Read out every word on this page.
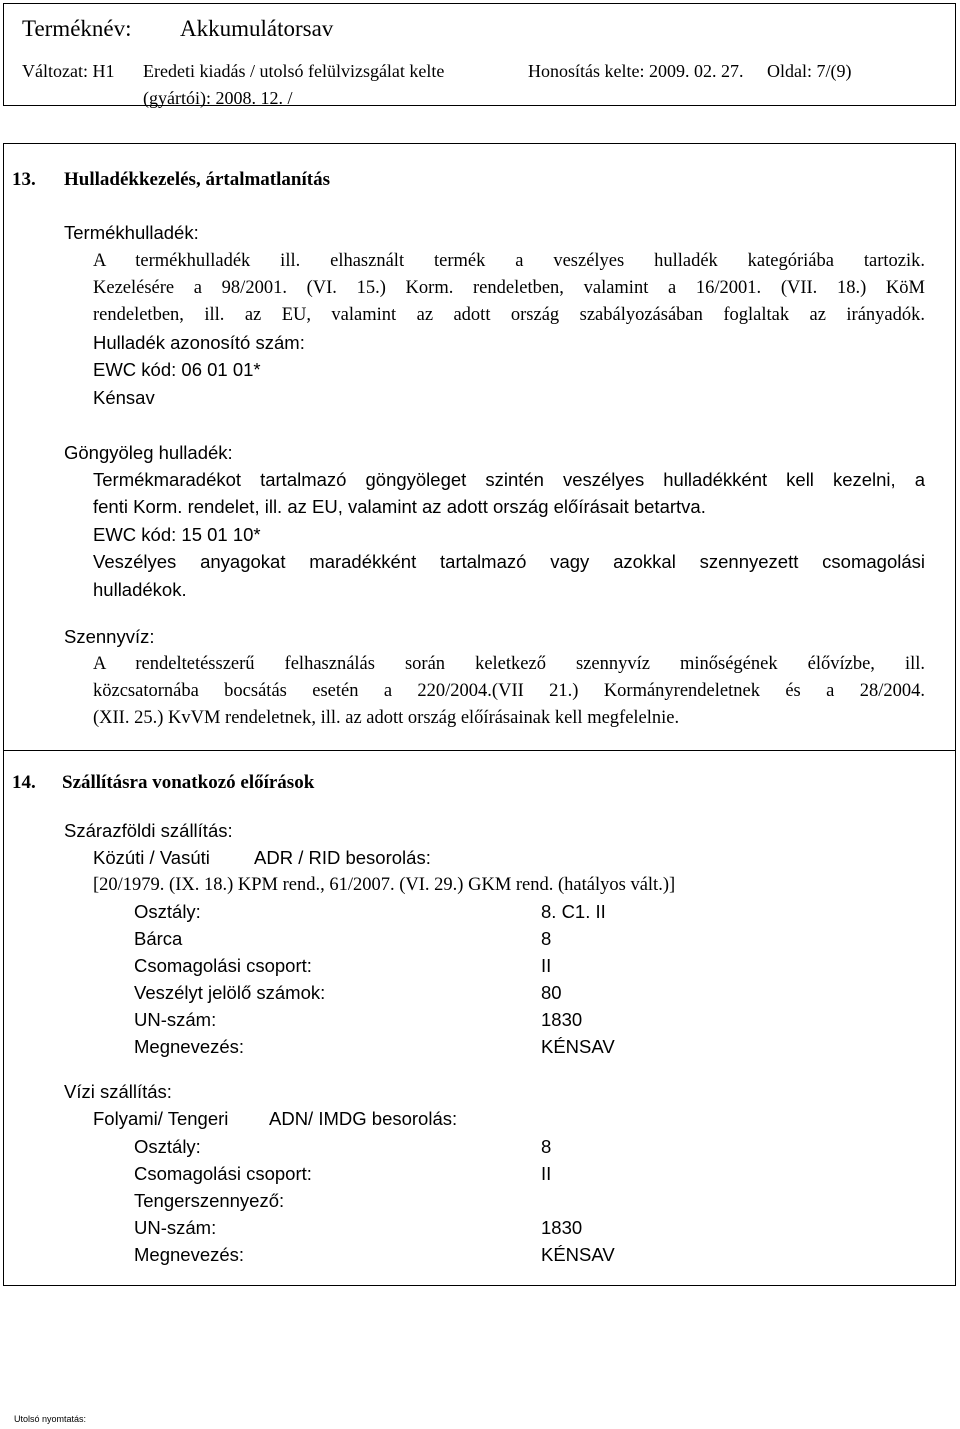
Terméknév: Akkumulátorsav
Változat: H1 Eredeti kiadás / utolsó felülvizsgálat kelte
(gyártói): 2008. 12. /
Honosítás kelte: 2009. 02. 27. Oldal: 7/(9)
13. Hulladékkezelés, ártalmatlanítás
Termékhulladék:
A termékhulladék ill. elhasznált termék a veszélyes hulladék kategóriába tartozik.
Kezelésére a 98/2001. (VI. 15.) Korm. rendeletben, valamint a 16/2001. (VII. 18.) KöM
rendeletben, ill. az EU, valamint az adott ország szabályozásában foglaltak az irányadók.
Hulladék azonosító szám:
EWC kód: 06 01 01*
Kénsav
Göngyöleg hulladék:
Termékmaradékot tartalmazó göngyöleget szintén veszélyes hulladékként kell kezelni, a
fenti Korm. rendelet, ill. az EU, valamint az adott ország előírásait betartva.
EWC kód: 15 01 10*
Veszélyes anyagokat maradékként tartalmazó vagy azokkal szennyezett csomagolási
hulladékok.
Szennyvíz:
A rendeltetésszerű felhasználás során keletkező szennyvíz minőségének élővízbe, ill.
közcsatornába bocsátás esetén a 220/2004.(VII 21.) Kormányrendeletnek és a 28/2004.
(XII. 25.) KvVM rendeletnek, ill. az adott ország előírásainak kell megfelelnie.
14. Szállításra vonatkozó előírások
Szárazföldi szállítás:
Közúti / Vasúti ADR / RID besorolás:
[20/1979. (IX. 18.) KPM rend., 61/2007. (VI. 29.) GKM rend. (hatályos vált.)]
Osztály:	8. C1. II
Bárca	8
Csomagolási csoport:	II
Veszélyt jelölő számok:	80
UN-szám:	1830
Megnevezés:	KÉNSAV
Vízi szállítás:
Folyami/ Tengeri ADN/ IMDG besorolás:
Osztály:	8
Csomagolási csoport:	II
Tengerszennyező:
UN-szám:	1830
Megnevezés:	KÉNSAV
Utolsó nyomtatás:
